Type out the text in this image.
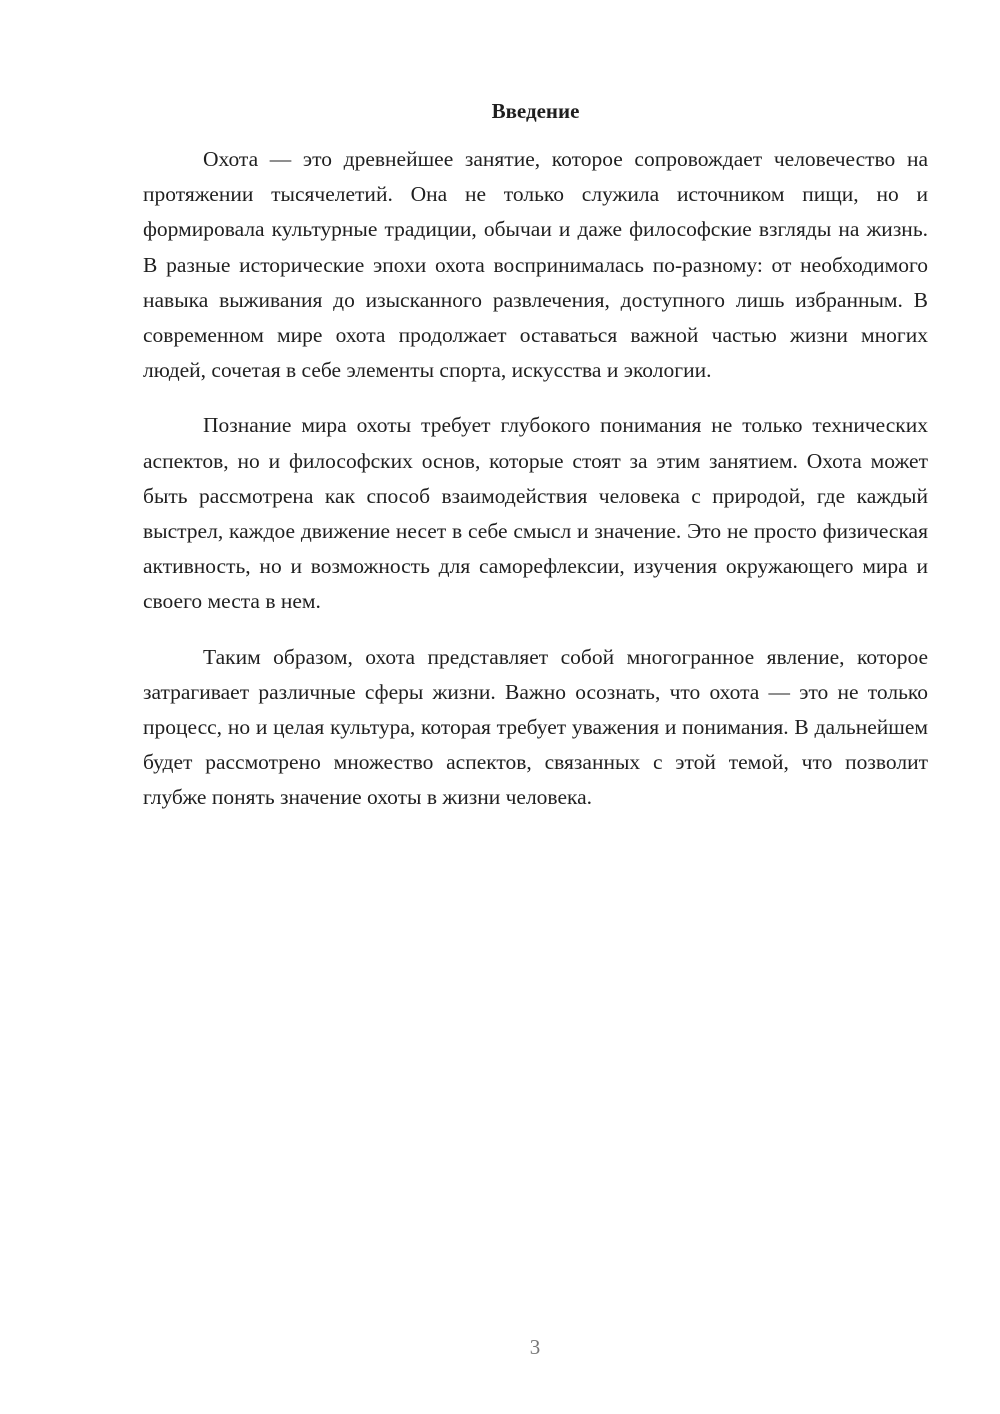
Введение

Охота — это древнейшее занятие, которое сопровождает человечество на протяжении тысячелетий. Она не только служила источником пищи, но и формировала культурные традиции, обычаи и даже философские взгляды на жизнь. В разные исторические эпохи охота воспринималась по-разному: от необходимого навыка выживания до изысканного развлечения, доступного лишь избранным. В современном мире охота продолжает оставаться важной частью жизни многих людей, сочетая в себе элементы спорта, искусства и экологии.

Познание мира охоты требует глубокого понимания не только технических аспектов, но и философских основ, которые стоят за этим занятием. Охота может быть рассмотрена как способ взаимодействия человека с природой, где каждый выстрел, каждое движение несет в себе смысл и значение. Это не просто физическая активность, но и возможность для саморефлексии, изучения окружающего мира и своего места в нем.

Таким образом, охота представляет собой многогранное явление, которое затрагивает различные сферы жизни. Важно осознать, что охота — это не только процесс, но и целая культура, которая требует уважения и понимания. В дальнейшем будет рассмотрено множество аспектов, связанных с этой темой, что позволит глубже понять значение охоты в жизни человека.

3
